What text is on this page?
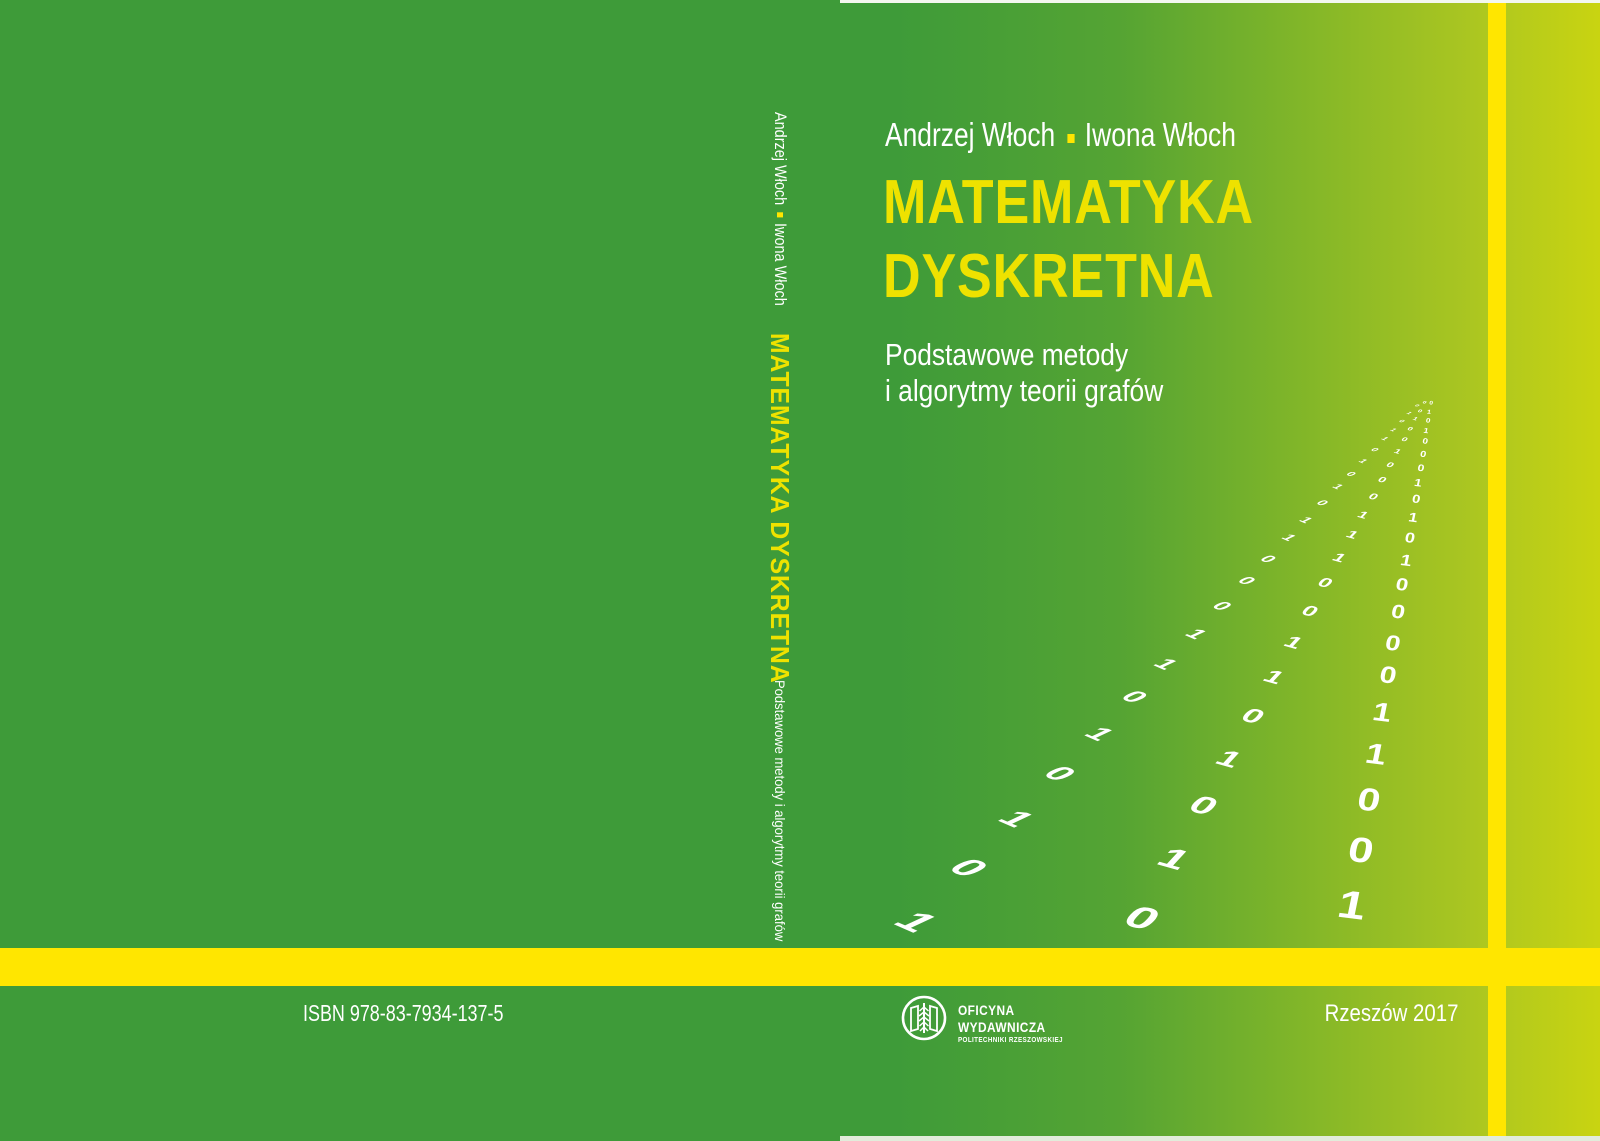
1
0
1
0
1
0
1
1
0
0
0
1
1
0
1
0
1
0
1
1
0
1
0
0
1
0
1
0
1
1
0
0
1
1
1
0
0
0
1
0
0
1
0
0
1
0
0
1
1
0
0
0
0
1
0
1
0
1
0
0
0
1
0
1
0
ISBN 978-83-7934-137-5
Andrzej WłochIwona Włoch
MATEMATYKA DYSKRETNA
Podstawowe metody i algorytmy teorii grafów
Andrzej Włoch Iwona Włoch
MATEMATYKA
DYSKRETNA
Podstawowe metody
i algorytmy teorii grafów
OFICYNA
WYDAWNICZA
POLITECHNIKI RZESZOWSKIEJ
Rzeszów 2017
